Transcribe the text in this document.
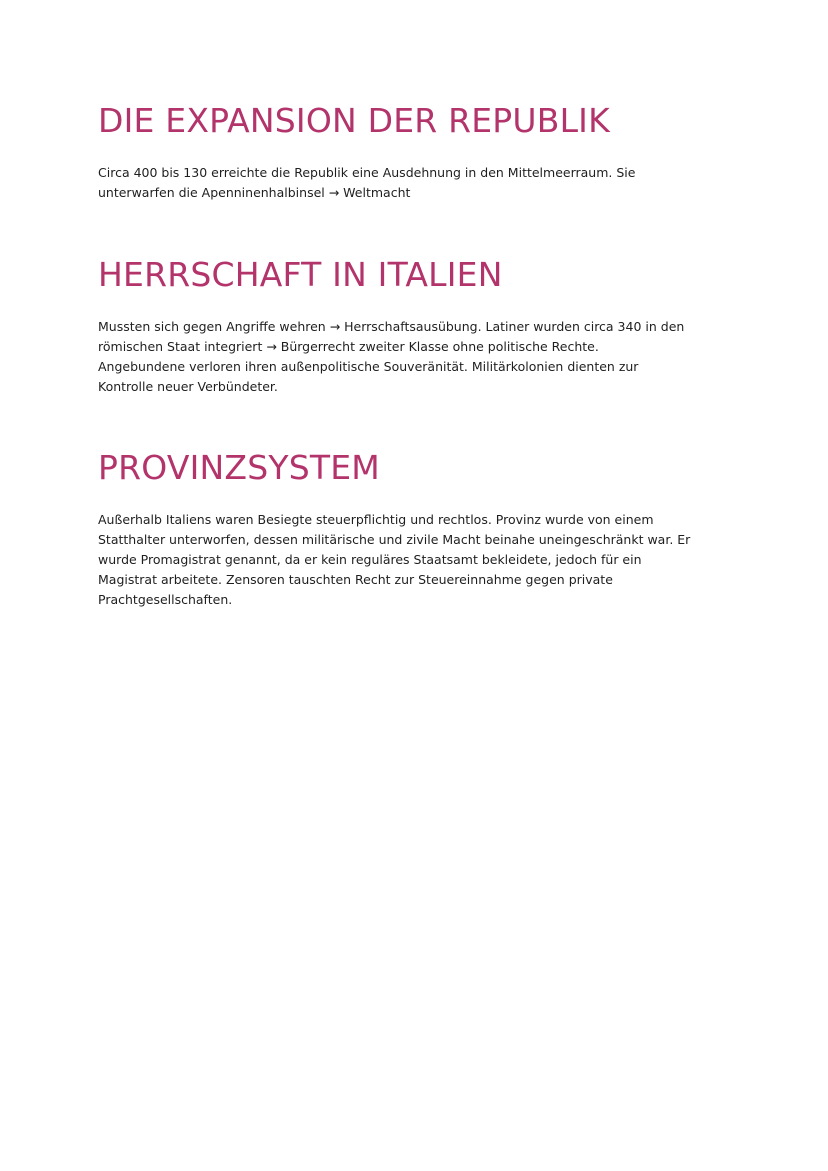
DIE EXPANSION DER REPUBLIK

Circa 400 bis 130 erreichte die Republik eine Ausdehnung in den Mittelmeerraum. Sie
unterwarfen die Apenninenhalbinsel → Weltmacht

HERRSCHAFT IN ITALIEN

Mussten sich gegen Angriffe wehren → Herrschaftsausübung. Latiner wurden circa 340 in den
römischen Staat integriert → Bürgerrecht zweiter Klasse ohne politische Rechte.
Angebundene verloren ihren außenpolitische Souveränität. Militärkolonien dienten zur
Kontrolle neuer Verbündeter.

PROVINZSYSTEM

Außerhalb Italiens waren Besiegte steuerpflichtig und rechtlos. Provinz wurde von einem
Statthalter unterworfen, dessen militärische und zivile Macht beinahe uneingeschränkt war. Er
wurde Promagistrat genannt, da er kein reguläres Staatsamt bekleidete, jedoch für ein
Magistrat arbeitete. Zensoren tauschten Recht zur Steuereinnahme gegen private
Prachtgesellschaften.
